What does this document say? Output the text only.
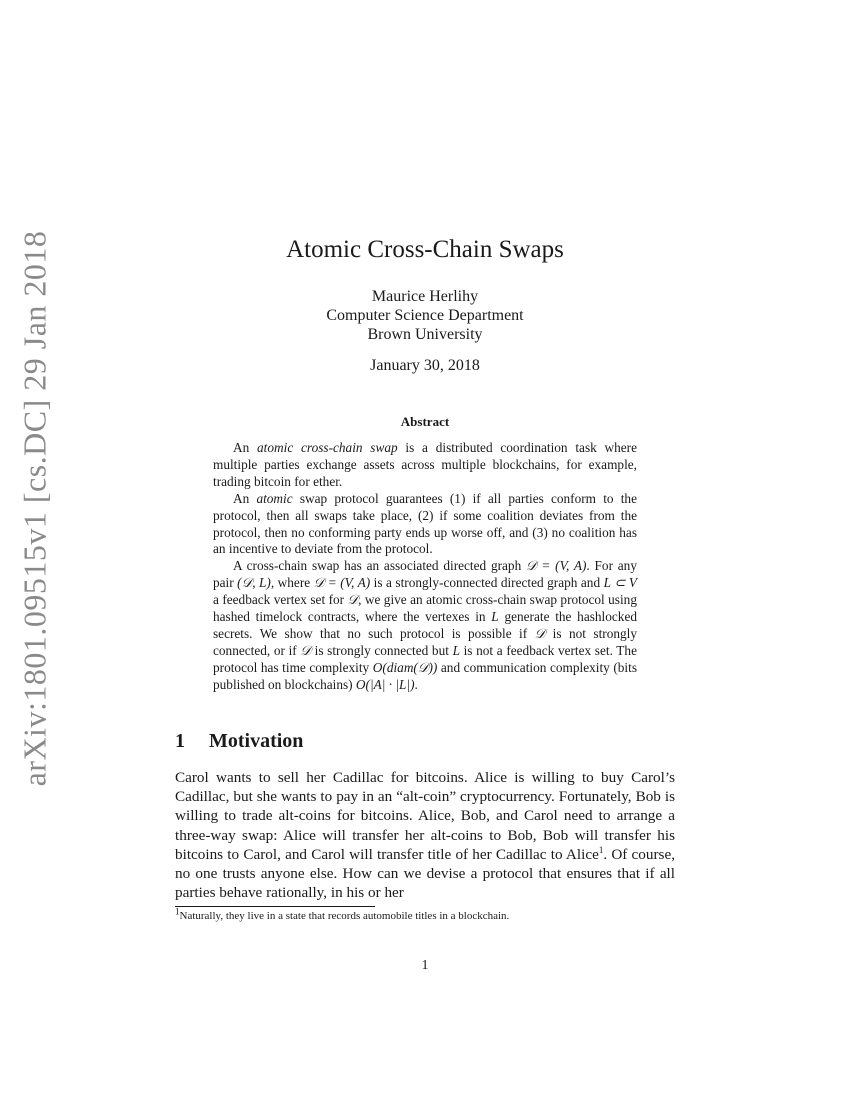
arXiv:1801.09515v1 [cs.DC] 29 Jan 2018	Atomic Cross-Chain Swaps
Maurice Herlihy
Computer Science Department
Brown University
January 30, 2018
Abstract

An atomic cross-chain swap is a distributed coordination task where multiple parties exchange assets across multiple blockchains, for example, trading bitcoin for ether.

An atomic swap protocol guarantees (1) if all parties conform to the protocol, then all swaps take place, (2) if some coalition deviates from the protocol, then no conforming party ends up worse off, and (3) no coalition has an incentive to deviate from the protocol.

A cross-chain swap has an associated directed graph 𝒟 = (V, A). For any pair (𝒟, L), where 𝒟 = (V, A) is a strongly-connected directed graph and L ⊂ V a feedback vertex set for 𝒟, we give an atomic cross-chain swap protocol using hashed timelock contracts, where the vertexes in L generate the hashlocked secrets. We show that no such protocol is possible if 𝒟 is not strongly connected, or if 𝒟 is strongly connected but L is not a feedback vertex set. The protocol has time complexity O(diam(𝒟)) and communication complexity (bits published on blockchains) O(|A| · |L|).

1 Motivation

Carol wants to sell her Cadillac for bitcoins. Alice is willing to buy Carol’s Cadillac, but she wants to pay in an “alt-coin” cryptocurrency. Fortunately, Bob is willing to trade alt-coins for bitcoins. Alice, Bob, and Carol need to arrange a three-way swap: Alice will transfer her alt-coins to Bob, Bob will transfer his bitcoins to Carol, and Carol will transfer title of her Cadillac to Alice$^1$. Of course, no one trusts anyone else. How can we devise a protocol that ensures that if all parties behave rationally, in his or her

$^1$Naturally, they live in a state that records automobile titles in a blockchain.
1
